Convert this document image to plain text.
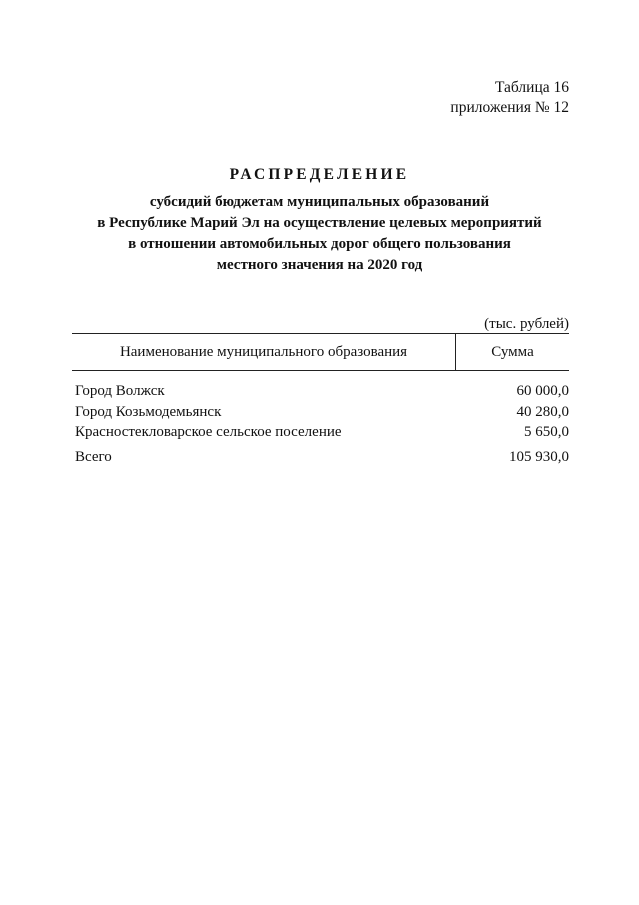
Таблица 16
приложения № 12
РАСПРЕДЕЛЕНИЕ
субсидий бюджетам муниципальных образований
в Республике Марий Эл на осуществление целевых мероприятий
в отношении автомобильных дорог общего пользования
местного значения на 2020 год
(тыс. рублей)
Наименование муниципального образования	Сумма
Город Волжск	60 000,0
Город Козьмодемьянск	40 280,0
Красностекловарское сельское поселение	5 650,0
Всего	105 930,0
